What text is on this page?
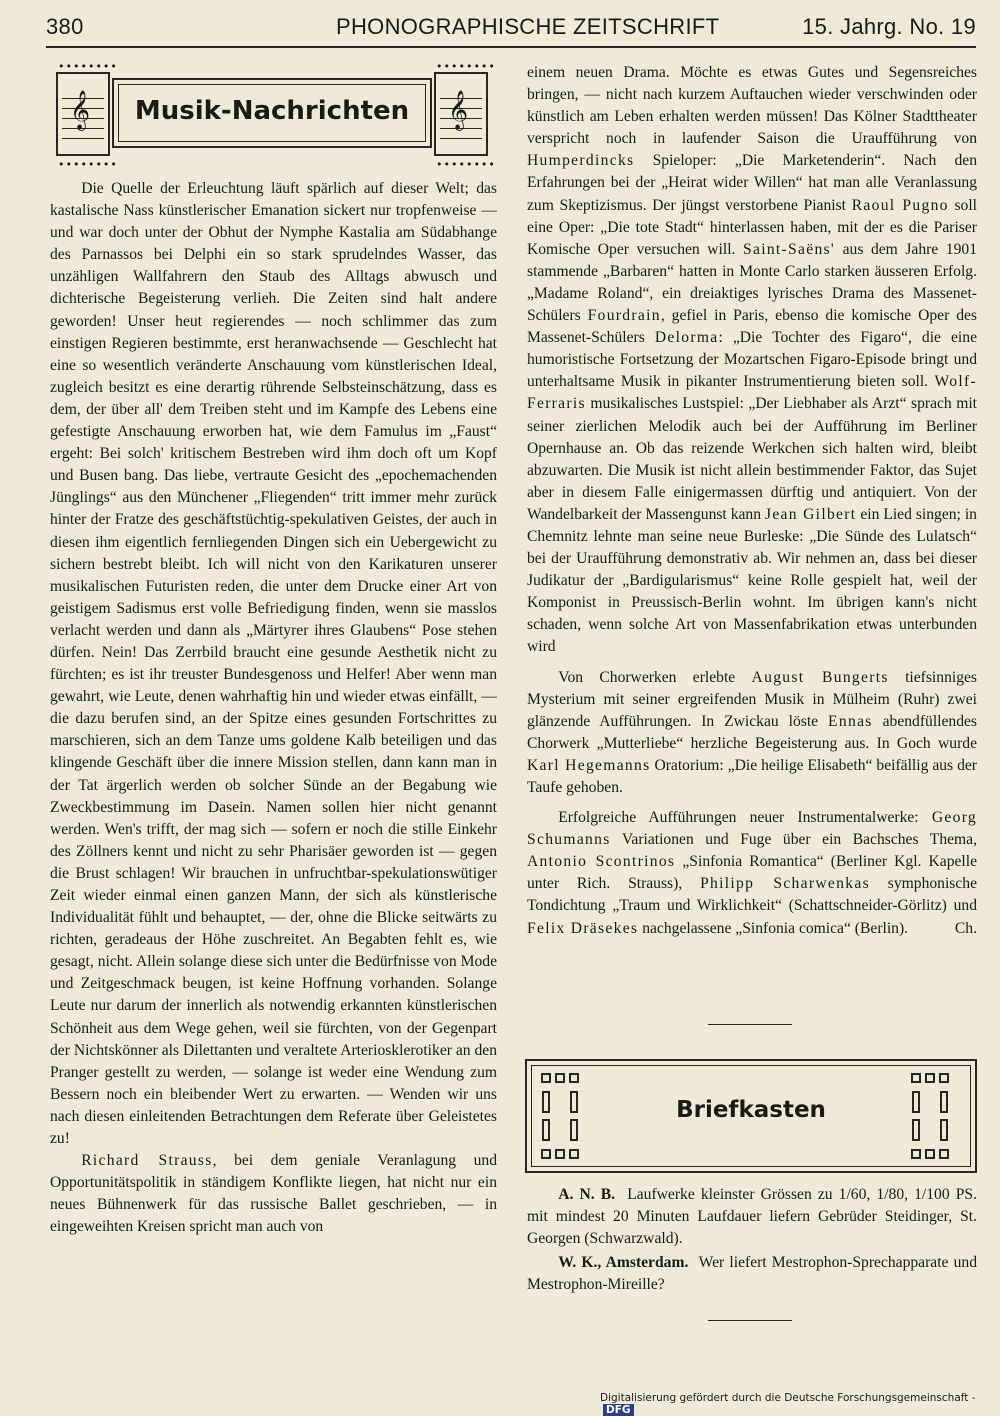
380	PHONOGRAPHISCHE ZEITSCHRIFT	15. Jahrg. No. 19
••••••••
••••••••
••••••••
••••••••
𝄞	Musik-Nachrichten	𝄞

Die Quelle der Erleuchtung läuft spärlich auf dieser Welt; das kastalische Nass künstlerischer Emanation sickert nur tropfenweise — und war doch unter der Obhut der Nymphe Kastalia am Südabhange des Parnassos bei Delphi ein so stark sprudelndes Wasser, das unzähligen Wallfahrern den Staub des Alltags abwusch und dichterische Begeisterung verlieh. Die Zeiten sind halt andere geworden! Unser heut regierendes — noch schlimmer das zum einstigen Regieren bestimmte, erst heranwachsende — Geschlecht hat eine so wesentlich veränderte Anschauung vom künstlerischen Ideal, zugleich besitzt es eine derartig rührende Selbsteinschätzung, dass es dem, der über all' dem Treiben steht und im Kampfe des Lebens eine gefestigte Anschauung erworben hat, wie dem Famulus im „Faust“ ergeht: Bei solch' kritischem Bestreben wird ihm doch oft um Kopf und Busen bang. Das liebe, vertraute Gesicht des „epochemachenden Jünglings“ aus den Münchener „Fliegenden“ tritt immer mehr zurück hinter der Fratze des geschäftstüchtig-spekulativen Geistes, der auch in diesen ihm eigentlich fernliegenden Dingen sich ein Uebergewicht zu sichern bestrebt bleibt. Ich will nicht von den Karikaturen unserer musikalischen Futuristen reden, die unter dem Drucke einer Art von geistigem Sadismus erst volle Befriedigung finden, wenn sie masslos verlacht werden und dann als „Märtyrer ihres Glaubens“ Pose stehen dürfen. Nein! Das Zerrbild braucht eine gesunde Aesthetik nicht zu fürchten; es ist ihr treuster Bundesgenoss und Helfer! Aber wenn man gewahrt, wie Leute, denen wahrhaftig hin und wieder etwas einfällt, — die dazu berufen sind, an der Spitze eines gesunden Fortschrittes zu marschieren, sich an dem Tanze ums goldene Kalb beteiligen und das klingende Geschäft über die innere Mission stellen, dann kann man in der Tat ärgerlich werden ob solcher Sünde an der Begabung wie Zweckbestimmung im Dasein. Namen sollen hier nicht genannt werden. Wen's trifft, der mag sich — sofern er noch die stille Einkehr des Zöllners kennt und nicht zu sehr Pharisäer geworden ist — gegen die Brust schlagen! Wir brauchen in unfruchtbar-spekulationswütiger Zeit wieder einmal einen ganzen Mann, der sich als künstlerische Individualität fühlt und behauptet, — der, ohne die Blicke seitwärts zu richten, geradeaus der Höhe zuschreitet. An Begabten fehlt es, wie gesagt, nicht. Allein solange diese sich unter die Bedürfnisse von Mode und Zeitgeschmack beugen, ist keine Hoffnung vorhanden. Solange Leute nur darum der innerlich als notwendig erkannten künstlerischen Schönheit aus dem Wege gehen, weil sie fürchten, von der Gegenpart der Nichtskönner als Dilettanten und veraltete Arteriosklerotiker an den Pranger gestellt zu werden, — solange ist weder eine Wendung zum Bessern noch ein bleibender Wert zu erwarten. — Wenden wir uns nach diesen einleitenden Betrachtungen dem Referate über Geleistetes zu!

Richard Strauss, bei dem geniale Veranlagung und Opportunitätspolitik in ständigem Konflikte liegen, hat nicht nur ein neues Bühnenwerk für das russische Ballet geschrieben, — in eingeweihten Kreisen spricht man auch von

einem neuen Drama. Möchte es etwas Gutes und Segensreiches bringen, — nicht nach kurzem Auftauchen wieder verschwinden oder künstlich am Leben erhalten werden müssen! Das Kölner Stadttheater verspricht noch in laufender Saison die Uraufführung von Humperdincks Spieloper: „Die Marketenderin“. Nach den Erfahrungen bei der „Heirat wider Willen“ hat man alle Veranlassung zum Skeptizismus. Der jüngst verstorbene Pianist Raoul Pugno soll eine Oper: „Die tote Stadt“ hinterlassen haben, mit der es die Pariser Komische Oper versuchen will. Saint-Saëns' aus dem Jahre 1901 stammende „Barbaren“ hatten in Monte Carlo starken äusseren Erfolg. „Madame Roland“, ein dreiaktiges lyrisches Drama des Massenet-Schülers Fourdrain, gefiel in Paris, ebenso die komische Oper des Massenet-Schülers Delorma: „Die Tochter des Figaro“, die eine humoristische Fortsetzung der Mozartschen Figaro-Episode bringt und unterhaltsame Musik in pikanter Instrumentierung bieten soll. Wolf-Ferraris musikalisches Lustspiel: „Der Liebhaber als Arzt“ sprach mit seiner zierlichen Melodik auch bei der Aufführung im Berliner Opernhause an. Ob das reizende Werkchen sich halten wird, bleibt abzuwarten. Die Musik ist nicht allein bestimmender Faktor, das Sujet aber in diesem Falle einigermassen dürftig und antiquiert. Von der Wandelbarkeit der Massengunst kann Jean Gilbert ein Lied singen; in Chemnitz lehnte man seine neue Burleske: „Die Sünde des Lulatsch“ bei der Uraufführung demonstrativ ab. Wir nehmen an, dass bei dieser Judikatur der „Bardigularismus“ keine Rolle gespielt hat, weil der Komponist in Preussisch-Berlin wohnt. Im übrigen kann's nicht schaden, wenn solche Art von Massenfabrikation etwas unterbunden wird

Von Chorwerken erlebte August Bungerts tiefsinniges Mysterium mit seiner ergreifenden Musik in Mülheim (Ruhr) zwei glänzende Aufführungen. In Zwickau löste Ennas abendfüllendes Chorwerk „Mutterliebe“ herzliche Begeisterung aus. In Goch wurde Karl Hegemanns Oratorium: „Die heilige Elisabeth“ beifällig aus der Taufe gehoben.

Erfolgreiche Aufführungen neuer Instrumentalwerke: Georg Schumanns Variationen und Fuge über ein Bachsches Thema, Antonio Scontrinos „Sinfonia Romantica“ (Berliner Kgl. Kapelle unter Rich. Strauss), Philipp Scharwenkas symphonische Tondichtung „Traum und Wirklichkeit“ (Schattschneider-Görlitz) und Felix Dräsekes nachgelassene „Sinfonia comica“ (Berlin).	Ch.

Briefkasten

A. N. B. Laufwerke kleinster Grössen zu 1/60, 1/80, 1/100 PS. mit mindest 20 Minuten Laufdauer liefern Gebrüder Steidinger, St. Georgen (Schwarzwald).

W. K., Amsterdam. Wer liefert Mestrophon-Sprechapparate und Mestrophon-Mireille?

Digitalisierung gefördert durch die Deutsche Forschungsgemeinschaft -DFG
